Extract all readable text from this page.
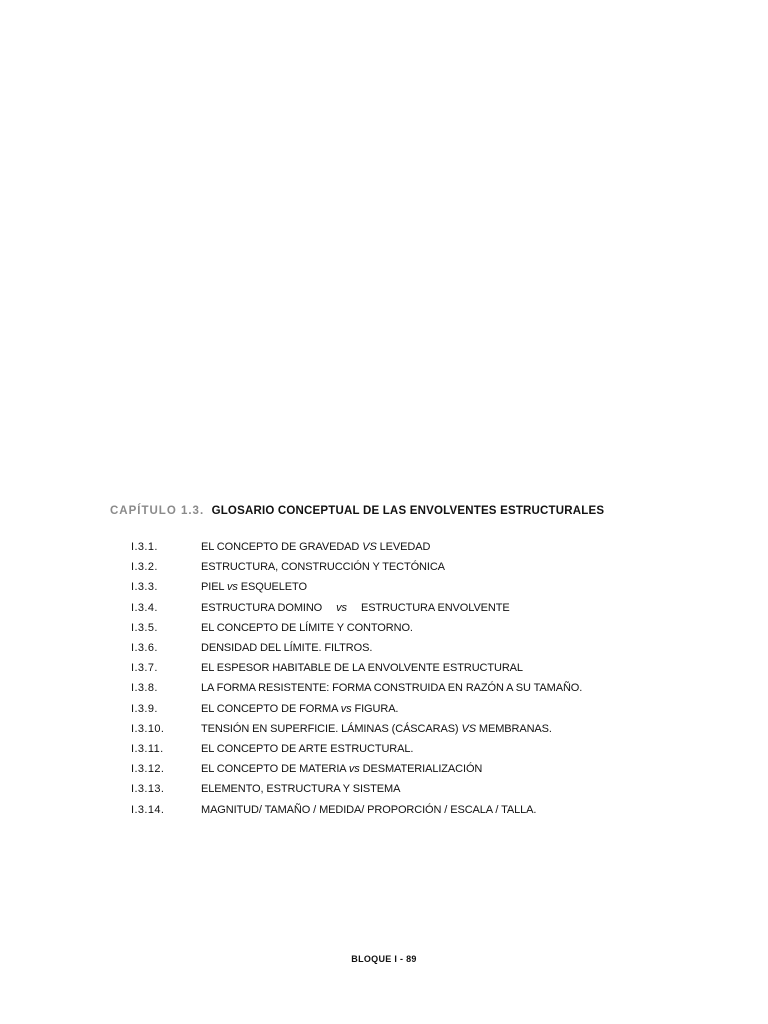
CAPÍTULO 1.3. GLOSARIO CONCEPTUAL DE LAS ENVOLVENTES ESTRUCTURALES
I.3.1.	EL CONCEPTO DE GRAVEDAD VS LEVEDAD
I.3.2.	ESTRUCTURA, CONSTRUCCIÓN Y TECTÓNICA
I.3.3.	PIEL vs ESQUELETO
I.3.4.	ESTRUCTURA DOMINO vs ESTRUCTURA ENVOLVENTE
I.3.5.	EL CONCEPTO DE LÍMITE Y CONTORNO.
I.3.6.	DENSIDAD DEL LÍMITE. FILTROS.
I.3.7.	EL ESPESOR HABITABLE DE LA ENVOLVENTE ESTRUCTURAL
I.3.8.	LA FORMA RESISTENTE: FORMA CONSTRUIDA EN RAZÓN A SU TAMAÑO.
I.3.9.	EL CONCEPTO DE FORMA vs FIGURA.
I.3.10.	TENSIÓN EN SUPERFICIE. LÁMINAS (CÁSCARAS) VS MEMBRANAS.
I.3.11.	EL CONCEPTO DE ARTE ESTRUCTURAL.
I.3.12.	EL CONCEPTO DE MATERIA vs DESMATERIALIZACIÓN
I.3.13.	ELEMENTO, ESTRUCTURA Y SISTEMA
I.3.14.	MAGNITUD/ TAMAÑO / MEDIDA/ PROPORCIÓN / ESCALA / TALLA.
BLOQUE I - 89
